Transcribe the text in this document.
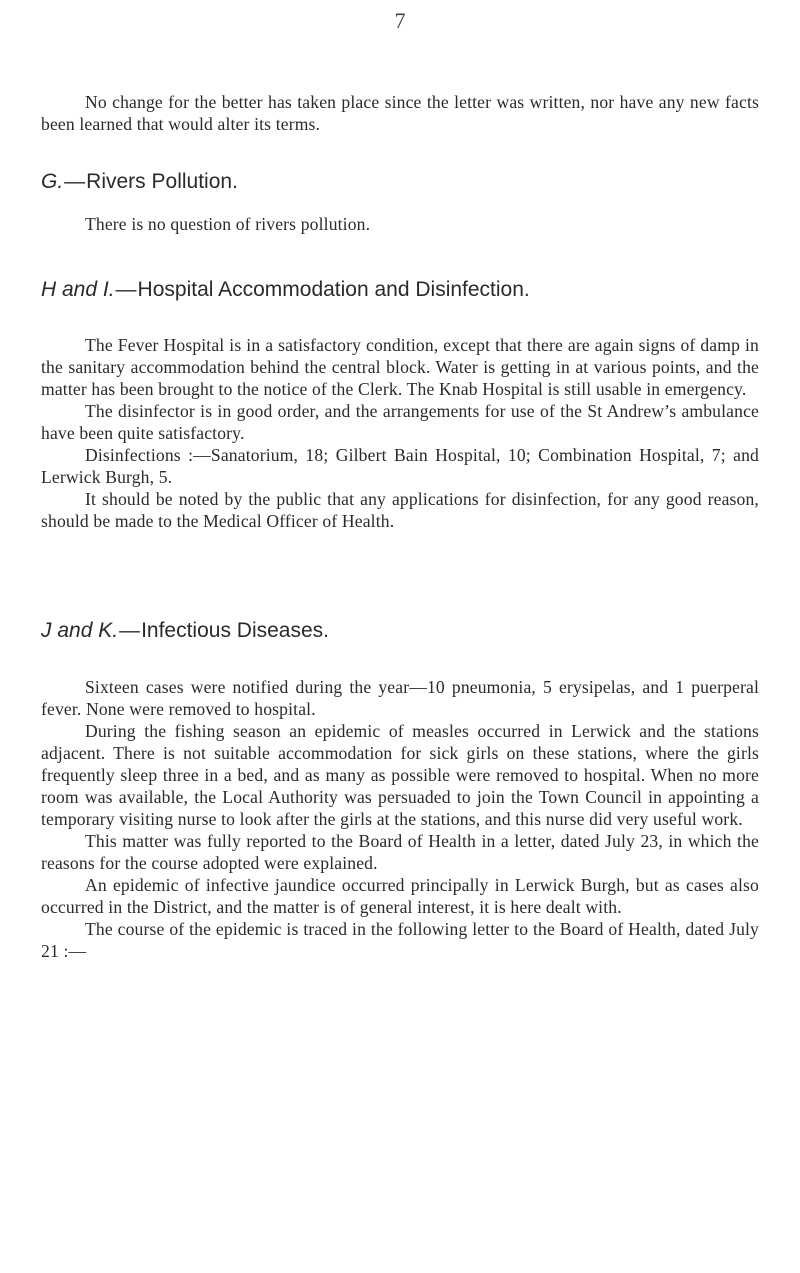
7

No change for the better has taken place since the letter was written, nor have any new facts been learned that would alter its terms.

G.—Rivers Pollution.

There is no question of rivers pollution.

H and I.—Hospital Accommodation and Disinfection.

The Fever Hospital is in a satisfactory condition, except that there are again signs of damp in the sanitary accommodation behind the central block. Water is getting in at various points, and the matter has been brought to the notice of the Clerk. The Knab Hospital is still usable in emergency.

The disinfector is in good order, and the arrangements for use of the St Andrew’s ambulance have been quite satisfactory.

Disinfections :—Sanatorium, 18; Gilbert Bain Hospital, 10; Combination Hospital, 7; and Lerwick Burgh, 5.

It should be noted by the public that any applications for disinfection, for any good reason, should be made to the Medical Officer of Health.

J and K.—Infectious Diseases.

Sixteen cases were notified during the year—10 pneumonia, 5 erysipelas, and 1 puerperal fever. None were removed to hospital.

During the fishing season an epidemic of measles occurred in Lerwick and the stations adjacent. There is not suitable accommodation for sick girls on these stations, where the girls frequently sleep three in a bed, and as many as possible were removed to hospital. When no more room was available, the Local Authority was persuaded to join the Town Council in appointing a temporary visiting nurse to look after the girls at the stations, and this nurse did very useful work.

This matter was fully reported to the Board of Health in a letter, dated July 23, in which the reasons for the course adopted were explained.

An epidemic of infective jaundice occurred principally in Lerwick Burgh, but as cases also occurred in the District, and the matter is of general interest, it is here dealt with.

The course of the epidemic is traced in the following letter to the Board of Health, dated July 21 :—
